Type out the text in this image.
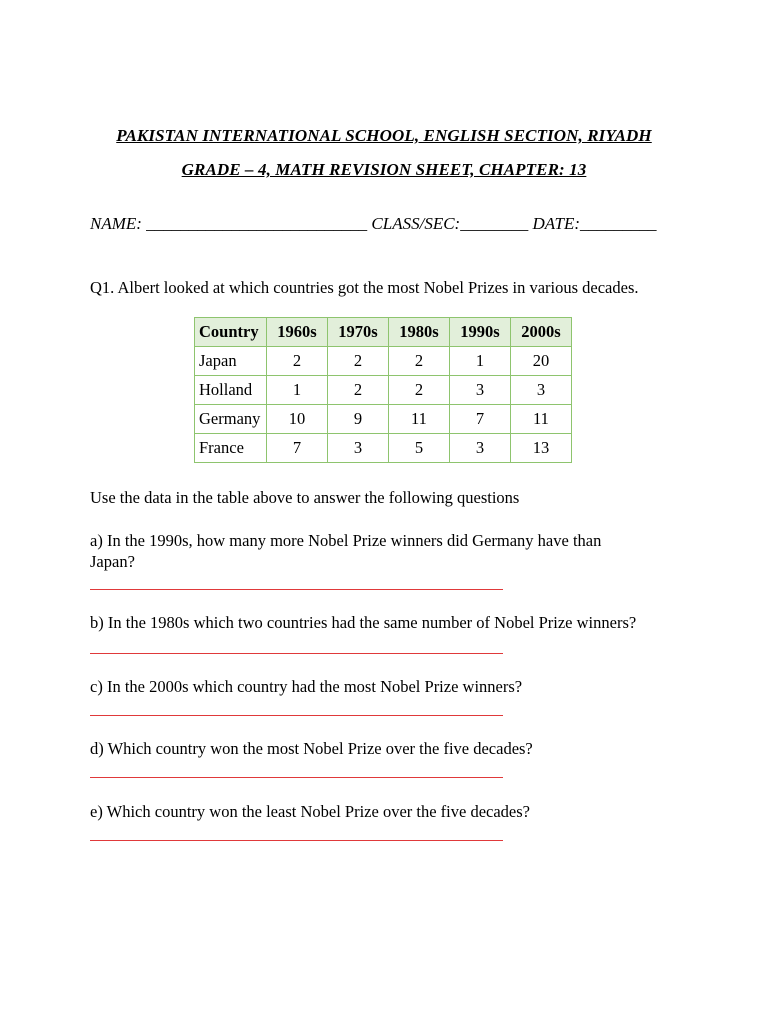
PAKISTAN INTERNATIONAL SCHOOL, ENGLISH SECTION, RIYADH
GRADE – 4, MATH REVISION SHEET, CHAPTER: 13
NAME: __________________________ CLASS/SEC:________ DATE:_________
Q1. Albert looked at which countries got the most Nobel Prizes in various decades.
Country	1960s	1970s	1980s	1990s	2000s
Japan	2	2	2	1	20
Holland	1	2	2	3	3
Germany	10	9	11	7	11
France	7	3	5	3	13
Use the data in the table above to answer the following questions
a) In the 1990s, how many more Nobel Prize winners did Germany have than Japan?
b) In the 1980s which two countries had the same number of Nobel Prize winners?
c) In the 2000s which country had the most Nobel Prize winners?
d) Which country won the most Nobel Prize over the five decades?
e) Which country won the least Nobel Prize over the five decades?
